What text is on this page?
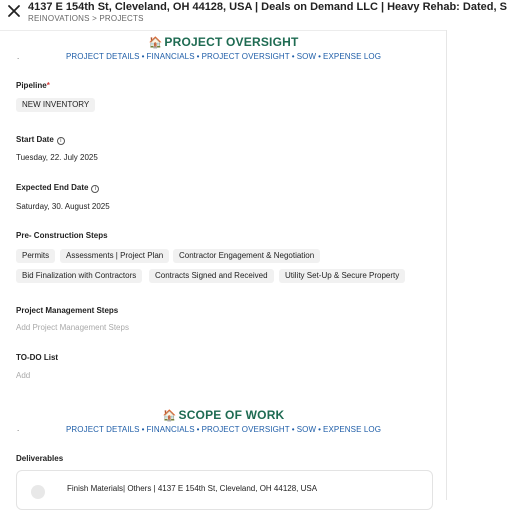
4137 E 154th St, Cleveland, OH 44128, USA | Deals on Demand LLC | Heavy Rehab: Dated, S
REINOVATIONS > PROJECTS
🏠 PROJECT OVERSIGHT
PROJECT DETAILS • FINANCIALS • PROJECT OVERSIGHT • SOW • EXPENSE LOG
.
Pipeline*
NEW INVENTORY
Start Date i
Tuesday, 22. July 2025
Expected End Date i
Saturday, 30. August 2025
Pre- Construction Steps
Permits	Assessments | Project Plan	Contractor Engagement & Negotiation
Bid Finalization with Contractors	Contracts Signed and Received	Utility Set-Up & Secure Property
Project Management Steps
Add Project Management Steps
TO-DO List
Add
🏠 SCOPE OF WORK
PROJECT DETAILS • FINANCIALS • PROJECT OVERSIGHT • SOW • EXPENSE LOG
.
Deliverables
Finish Materials| Others | 4137 E 154th St, Cleveland, OH 44128, USA
